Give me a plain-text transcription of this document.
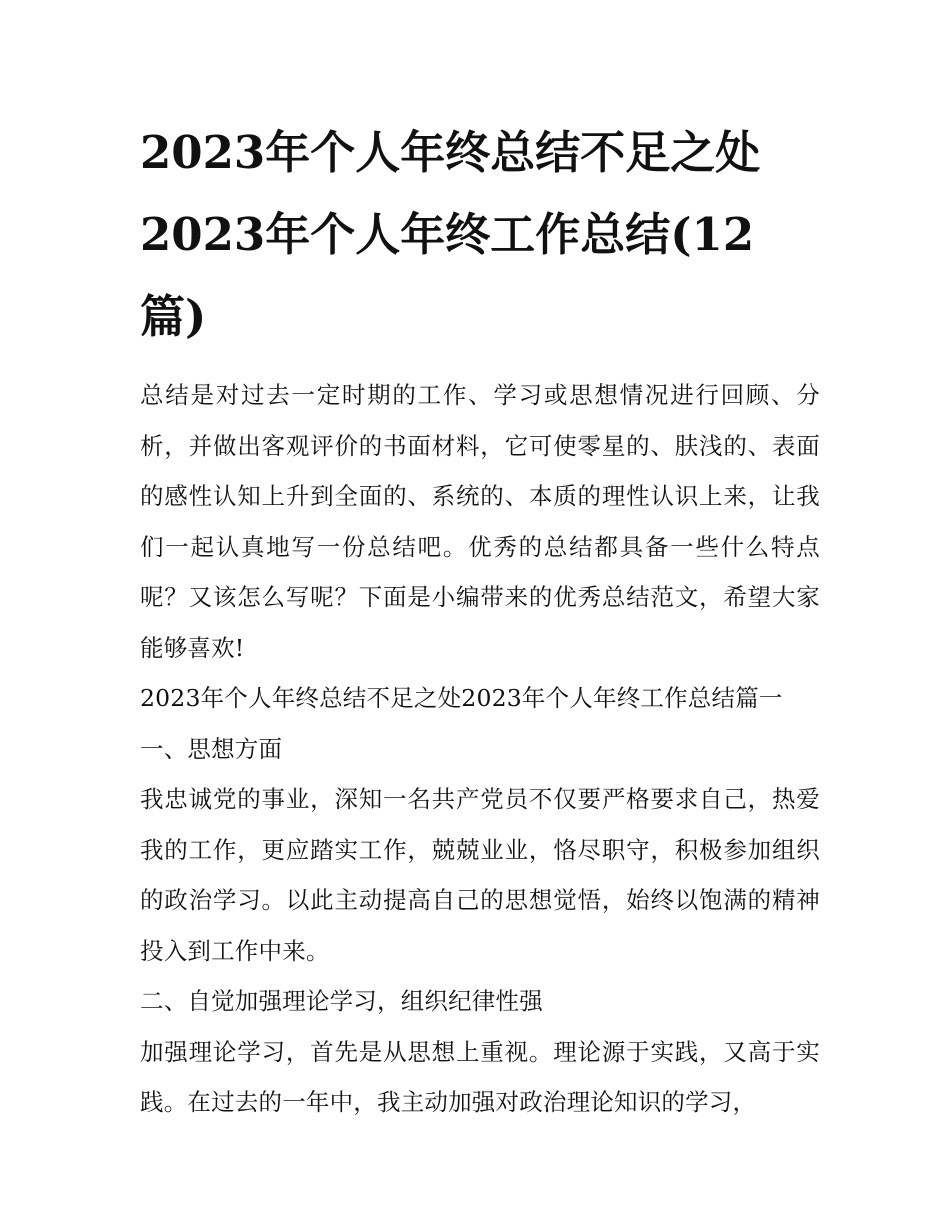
2023年个人年终总结不足之处2023年个人年终工作总结(12篇)

总结是对过去一定时期的工作、学习或思想情况进行回顾、分析，并做出客观评价的书面材料，它可使零星的、肤浅的、表面的感性认知上升到全面的、系统的、本质的理性认识上来，让我们一起认真地写一份总结吧。优秀的总结都具备一些什么特点呢？又该怎么写呢？下面是小编带来的优秀总结范文，希望大家能够喜欢!

2023年个人年终总结不足之处2023年个人年终工作总结篇一

一、思想方面

我忠诚党的事业，深知一名共产党员不仅要严格要求自己，热爱我的工作，更应踏实工作，兢兢业业，恪尽职守，积极参加组织的政治学习。以此主动提高自己的思想觉悟，始终以饱满的精神投入到工作中来。

二、自觉加强理论学习，组织纪律性强

加强理论学习，首先是从思想上重视。理论源于实践，又高于实践。在过去的一年中，我主动加强对政治理论知识的学习，
